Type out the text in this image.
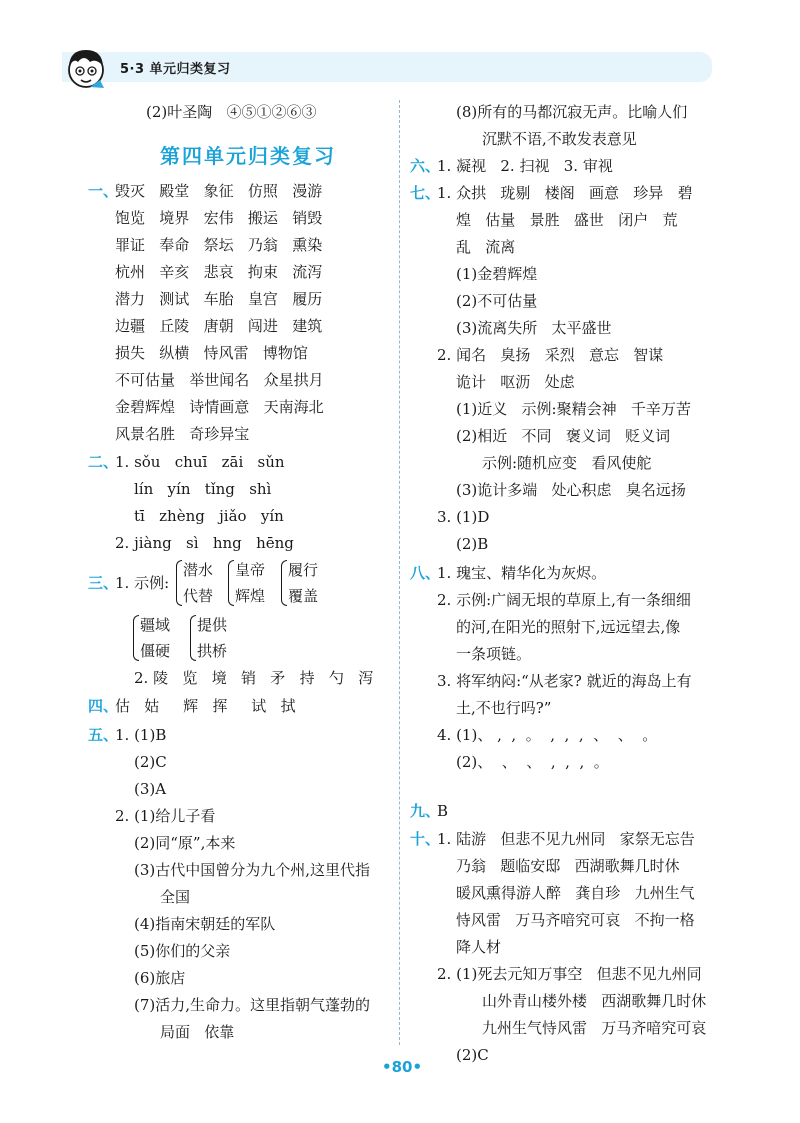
5·3 单元归类复习
(2)叶圣陶   ④⑤①②⑥③
第四单元归类复习
一、
毁灭   殿堂   象征   仿照   漫游
饱览   境界   宏伟   搬运   销毁
罪证   奉命   祭坛   乃翁   熏染
杭州   辛亥   悲哀   拘束   流泻
潜力   测试   车胎   皇宫   履历
边疆   丘陵   唐朝   闯进   建筑
损失   纵横   恃风雷   博物馆
不可估量   举世闻名   众星拱月
金碧辉煌   诗情画意   天南海北
风景名胜   奇珍异宝
二、
1. sǒu   chuī   zāi   sǔn
lín   yín   tǐng   shì
tī   zhèng   jiǎo   yín
2. jiàng   sì   hng   hēng
三、
1. 示例:
潜水
代替
皇帝
辉煌
履行
覆盖
疆域
僵硬
提供
拱桥
2. 陵   览   境   销   矛   持   勺   泻
四、
估   姑     辉   挥     试   拭
五、
1. (1)B
(2)C
(3)A
2. (1)给儿子看
(2)同“原”,本来
(3)古代中国曾分为九个州,这里代指
全国
(4)指南宋朝廷的军队
(5)你们的父亲
(6)旅店
(7)活力,生命力。这里指朝气蓬勃的
局面   依靠
(8)所有的马都沉寂无声。比喻人们
沉默不语,不敢发表意见
六、
1. 凝视   2. 扫视   3. 审视
七、
1. 众拱   珑剔   楼阁   画意   珍异   碧
煌   估量   景胜   盛世   闭户   荒
乱   流离
(1)金碧辉煌
(2)不可估量
(3)流离失所   太平盛世
2. 闻名   臭扬   采烈   意忘   智谋
诡计   呕沥   处虑
(1)近义   示例:聚精会神   千辛万苦
(2)相近   不同   褒义词   贬义词
示例:随机应变   看风使舵
(3)诡计多端   处心积虑   臭名远扬
3. (1)D
(2)B
八、
1. 瑰宝、精华化为灰烬。
2. 示例:广阔无垠的草原上,有一条细细
的河,在阳光的照射下,远远望去,像
一条项链。
3. 将军纳闷:“从老家? 就近的海岛上有
土,不也行吗?”
4. (1)、 ,  ,  。  ,  ,  ,  、  、  。
(2)、  、  、  ,  ,  ,  。
九、
B
十、
1. 陆游   但悲不见九州同   家祭无忘告
乃翁   题临安邸   西湖歌舞几时休
暖风熏得游人醉   龚自珍   九州生气
恃风雷   万马齐喑究可哀   不拘一格
降人材
2. (1)死去元知万事空   但悲不见九州同
山外青山楼外楼   西湖歌舞几时休
九州生气恃风雷   万马齐喑究可哀
(2)C
•80•
